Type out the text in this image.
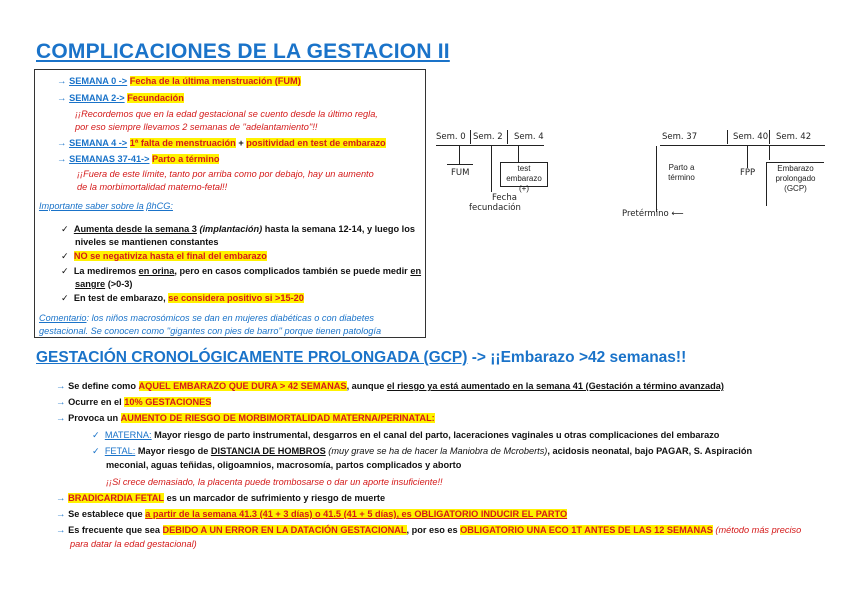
COMPLICACIONES DE LA GESTACION II
→ SEMANA 0 -> Fecha de la última menstruación (FUM)
→ SEMANA 2-> Fecundación
¡¡Recordemos que en la edad gestacional se cuento desde la último regla,
por eso siempre llevamos 2 semanas de ''adelantamiento''!!
→ SEMANA 4 -> 1ª falta de menstruación + positividad en test de embarazo
→ SEMANAS 37-41-> Parto a término
¡¡Fuera de este límite, tanto por arriba como por debajo, hay un aumento
de la morbimortalidad materno-fetal!!
Importante saber sobre la βhCG:
✓ Aumenta desde la semana 3 (implantación) hasta la semana 12-14, y luego los
niveles se mantienen constantes
✓ NO se negativiza hasta el final del embarazo
✓ La mediremos en orina, pero en casos complicados también se puede medir en
sangre (>0-3)
✓ En test de embarazo, se considera positivo si >15-20
Comentario: los niños macrosómicos se dan en mujeres diabéticas o con diabetes
gestacional. Se conocen como ''gigantes con pies de barro'' porque tienen patología
Sem. 0 Sem. 2 Sem. 4	Sem. 37	Sem. 40 Sem. 42
FUM
Fecha
fecundación
test
embarazo (+)
Parto a
término
Pretérmino ⟵
FPP	Embarazo
prolongado
(GCP)
GESTACIÓN CRONOLÓGICAMENTE PROLONGADA (GCP) -> ¡¡Embarazo >42 semanas!!
→ Se define como AQUEL EMBARAZO QUE DURA > 42 SEMANAS, aunque el riesgo ya está aumentado en la semana 41 (Gestación a término avanzada)
→ Ocurre en el 10% GESTACIONES
→ Provoca un AUMENTO DE RIESGO DE MORBIMORTALIDAD MATERNA/PERINATAL:
✓ MATERNA: Mayor riesgo de parto instrumental, desgarros en el canal del parto, laceraciones vaginales u otras complicaciones del embarazo
✓ FETAL: Mayor riesgo de DISTANCIA DE HOMBROS (muy grave se ha de hacer la Maniobra de Mcroberts), acidosis neonatal, bajo PAGAR, S. Aspiración
meconial, aguas teñidas, oligoamnios, macrosomía, partos complicados y aborto
¡¡Si crece demasiado, la placenta puede trombosarse o dar un aporte insuficiente!!
→ BRADICARDIA FETAL es un marcador de sufrimiento y riesgo de muerte
→ Se establece que a partir de la semana 41.3 (41 + 3 días) o 41.5 (41 + 5 días), es OBLIGATORIO INDUCIR EL PARTO
→ Es frecuente que sea DEBIDO A UN ERROR EN LA DATACIÓN GESTACIONAL, por eso es OBLIGATORIO UNA ECO 1T ANTES DE LAS 12 SEMANAS (método más preciso
para datar la edad gestacional)
